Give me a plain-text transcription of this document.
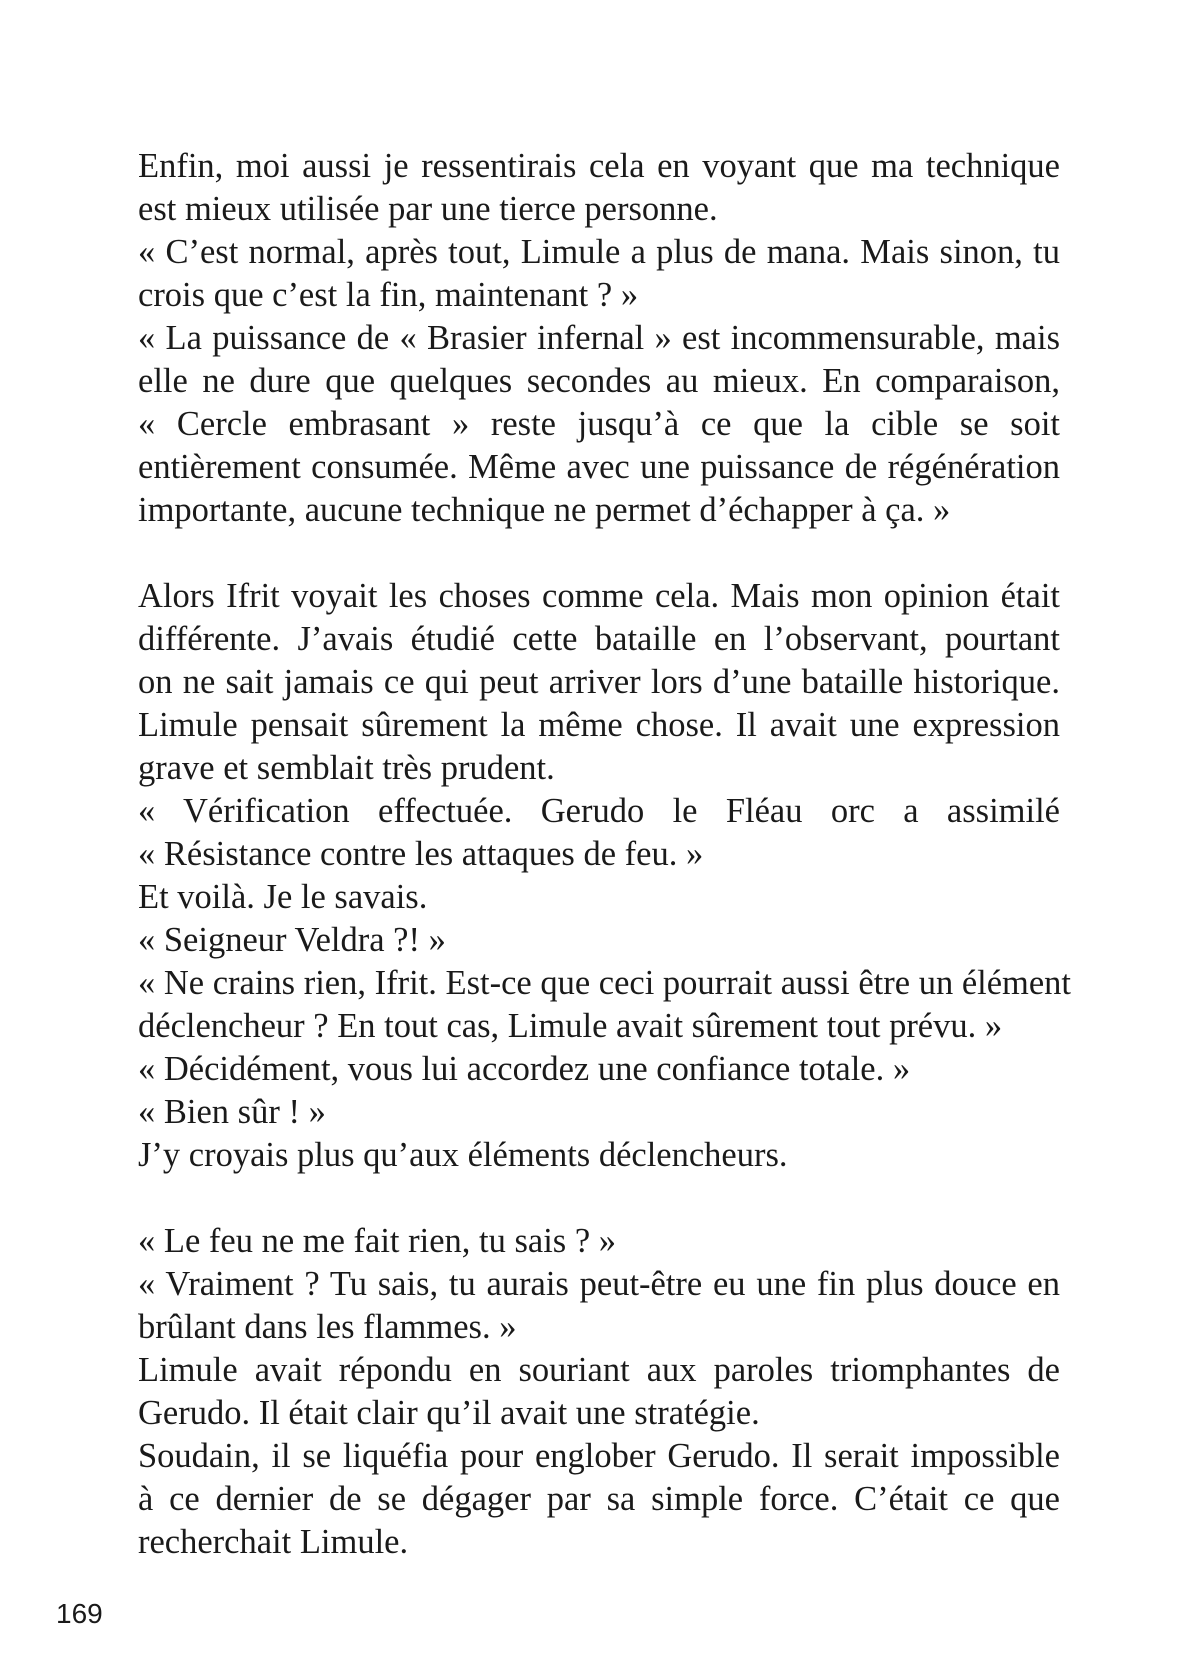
Enfin, moi aussi je ressentirais cela en voyant que ma technique
est mieux utilisée par une tierce personne.
« C’est normal, après tout, Limule a plus de mana. Mais sinon, tu
crois que c’est la fin, maintenant ? »
« La puissance de « Brasier infernal » est incommensurable, mais
elle ne dure que quelques secondes au mieux. En comparaison,
« Cercle embrasant » reste jusqu’à ce que la cible se soit
entièrement consumée. Même avec une puissance de régénération
importante, aucune technique ne permet d’échapper à ça. »
Alors Ifrit voyait les choses comme cela. Mais mon opinion était
différente. J’avais étudié cette bataille en l’observant, pourtant
on ne sait jamais ce qui peut arriver lors d’une bataille historique.
Limule pensait sûrement la même chose. Il avait une expression
grave et semblait très prudent.
« Vérification effectuée. Gerudo le Fléau orc a assimilé
« Résistance contre les attaques de feu. »
Et voilà. Je le savais.
« Seigneur Veldra ?! »
« Ne crains rien, Ifrit. Est-ce que ceci pourrait aussi être un élément
déclencheur ? En tout cas, Limule avait sûrement tout prévu. »
« Décidément, vous lui accordez une confiance totale. »
« Bien sûr ! »
J’y croyais plus qu’aux éléments déclencheurs.
« Le feu ne me fait rien, tu sais ? »
« Vraiment ? Tu sais, tu aurais peut-être eu une fin plus douce en
brûlant dans les flammes. »
Limule avait répondu en souriant aux paroles triomphantes de
Gerudo. Il était clair qu’il avait une stratégie.
Soudain, il se liquéfia pour englober Gerudo. Il serait impossible
à ce dernier de se dégager par sa simple force. C’était ce que
recherchait Limule.
169
